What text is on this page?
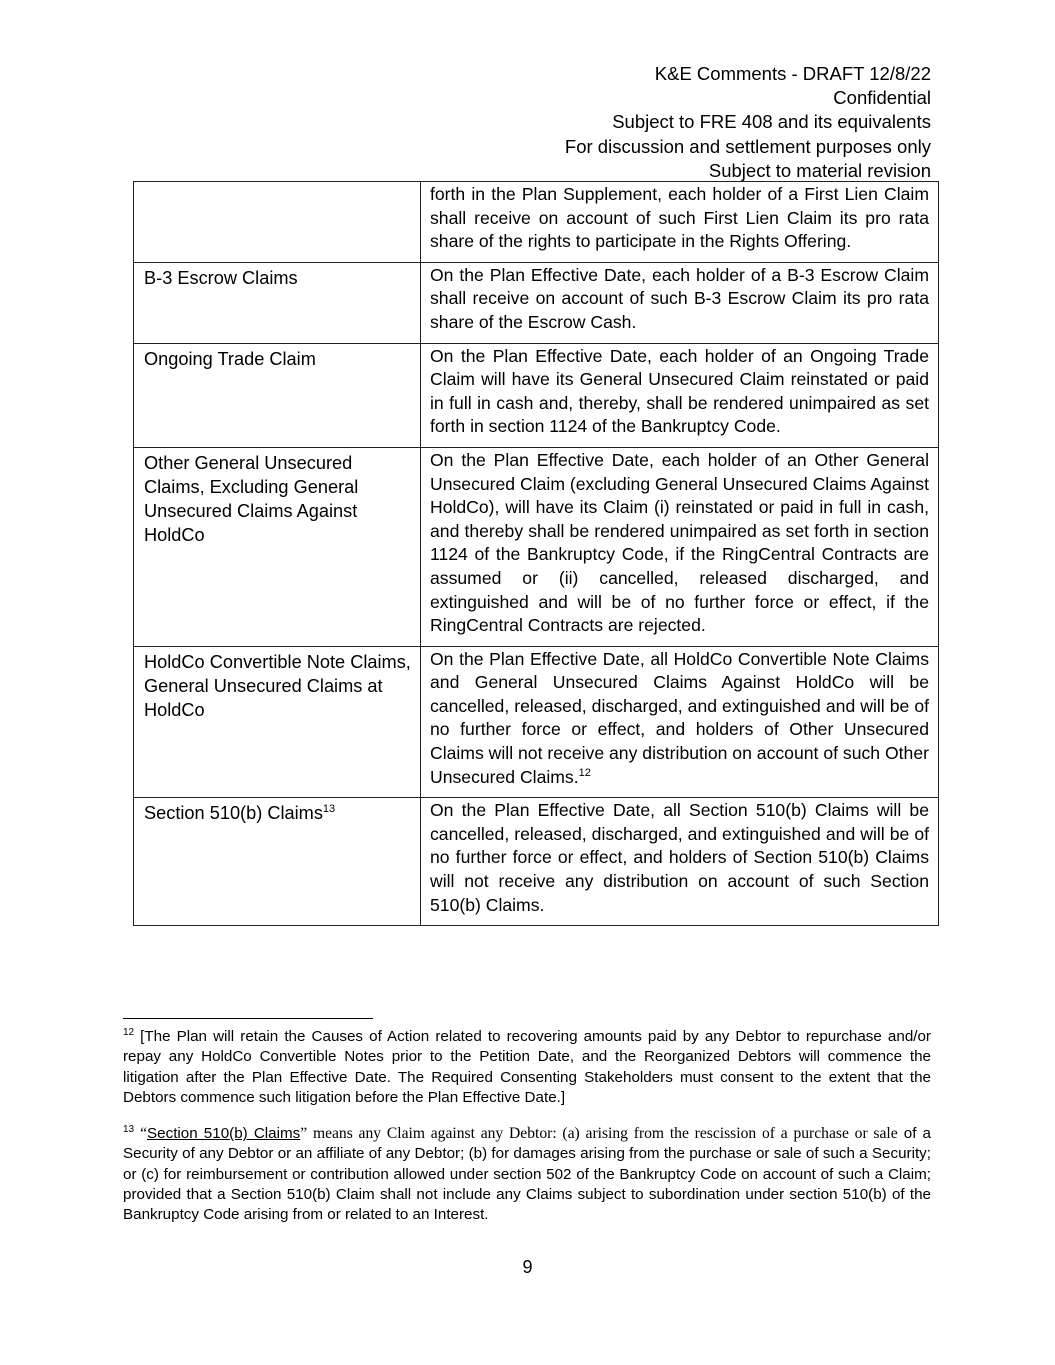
K&E Comments - DRAFT 12/8/22
Confidential
Subject to FRE 408 and its equivalents
For discussion and settlement purposes only
Subject to material revision
	forth in the Plan Supplement, each holder of a First Lien Claim shall receive on account of such First Lien Claim its pro rata share of the rights to participate in the Rights Offering.
B-3 Escrow Claims	On the Plan Effective Date, each holder of a B-3 Escrow Claim shall receive on account of such B-3 Escrow Claim its pro rata share of the Escrow Cash.
Ongoing Trade Claim	On the Plan Effective Date, each holder of an Ongoing Trade Claim will have its General Unsecured Claim reinstated or paid in full in cash and, thereby, shall be rendered unimpaired as set forth in section 1124 of the Bankruptcy Code.
Other General Unsecured Claims, Excluding General Unsecured Claims Against HoldCo	On the Plan Effective Date, each holder of an Other General Unsecured Claim (excluding General Unsecured Claims Against HoldCo), will have its Claim (i) reinstated or paid in full in cash, and thereby shall be rendered unimpaired as set forth in section 1124 of the Bankruptcy Code, if the RingCentral Contracts are assumed or (ii) cancelled, released discharged, and extinguished and will be of no further force or effect, if the RingCentral Contracts are rejected.
HoldCo Convertible Note Claims, General Unsecured Claims at HoldCo	On the Plan Effective Date, all HoldCo Convertible Note Claims and General Unsecured Claims Against HoldCo will be cancelled, released, discharged, and extinguished and will be of no further force or effect, and holders of Other Unsecured Claims will not receive any distribution on account of such Other Unsecured Claims.$^{12}$
Section 510(b) Claims$^{13}$	On the Plan Effective Date, all Section 510(b) Claims will be cancelled, released, discharged, and extinguished and will be of no further force or effect, and holders of Section 510(b) Claims will not receive any distribution on account of such Section 510(b) Claims.
$^{12}$ [The Plan will retain the Causes of Action related to recovering amounts paid by any Debtor to repurchase and/or repay any HoldCo Convertible Notes prior to the Petition Date, and the Reorganized Debtors will commence the litigation after the Plan Effective Date. The Required Consenting Stakeholders must consent to the extent that the Debtors commence such litigation before the Plan Effective Date.]
$^{13}$ “Section 510(b) Claims” means any Claim against any Debtor: (a) arising from the rescission of a purchase or sale of a Security of any Debtor or an affiliate of any Debtor; (b) for damages arising from the purchase or sale of such a Security; or (c) for reimbursement or contribution allowed under section 502 of the Bankruptcy Code on account of such a Claim; provided that a Section 510(b) Claim shall not include any Claims subject to subordination under section 510(b) of the Bankruptcy Code arising from or related to an Interest.
9
